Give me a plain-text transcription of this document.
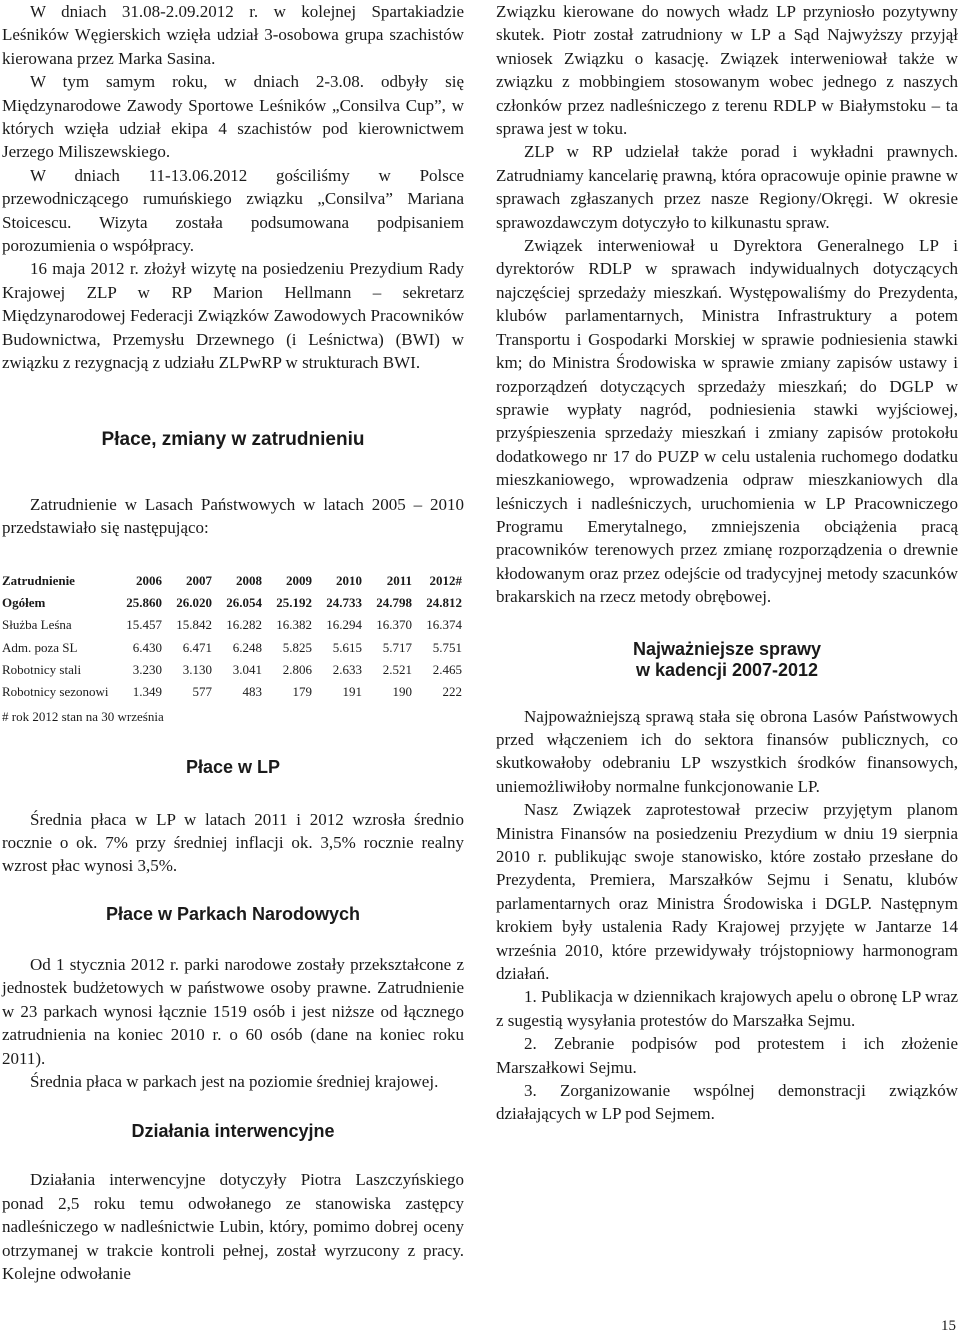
W dniach 31.08-2.09.2012 r. w kolejnej Spartakiadzie Leśników Węgierskich wzięła udział 3-osobowa grupa szachistów kierowana przez Marka Sasina.

W tym samym roku, w dniach 2-3.08. odbyły się Międzynarodowe Zawody Sportowe Leśników „Consilva Cup”, w których wzięła udział ekipa 4 szachistów pod kierownictwem Jerzego Miliszewskiego.

W dniach 11-13.06.2012 gościliśmy w Polsce przewodniczącego rumuńskiego związku „Consilva” Mariana Stoicescu. Wizyta została podsumowana podpisaniem porozumienia o współpracy.

16 maja 2012 r. złożył wizytę na posiedzeniu Prezydium Rady Krajowej ZLP w RP Marion Hellmann – sekretarz Międzynarodowej Federacji Związków Zawodowych Pracowników Budownictwa, Przemysłu Drzewnego (i Leśnictwa) (BWI) w związku z rezygnacją z udziału ZLPwRP w strukturach BWI.

Płace, zmiany w zatrudnieniu

Zatrudnienie w Lasach Państwowych w latach 2005 – 2010 przedstawiało się następująco:

Zatrudnienie	2006	2007	2008	2009	2010	2011	2012#
Ogółem	25.860	26.020	26.054	25.192	24.733	24.798	24.812
Służba Leśna	15.457	15.842	16.282	16.382	16.294	16.370	16.374
Adm. poza SL	6.430	6.471	6.248	5.825	5.615	5.717	5.751
Robotnicy stali	3.230	3.130	3.041	2.806	2.633	2.521	2.465
Robotnicy sezonowi	1.349	577	483	179	191	190	222
# rok 2012 stan na 30 września
Płace w LP

Średnia płaca w LP w latach 2011 i 2012 wzrosła średnio rocznie o ok. 7% przy średniej inflacji ok. 3,5% rocznie realny wzrost płac wynosi 3,5%.

Płace w Parkach Narodowych

Od 1 stycznia 2012 r. parki narodowe zostały przekształcone z jednostek budżetowych w państwowe osoby prawne. Zatrudnienie w 23 parkach wynosi łącznie 1519 osób i jest niższe od łącznego zatrudnienia na koniec 2010 r. o 60 osób (dane na koniec roku 2011).

Średnia płaca w parkach jest na poziomie średniej krajowej.

Działania interwencyjne

Działania interwencyjne dotyczyły Piotra Laszczyńskiego ponad 2,5 roku temu odwołanego ze stanowiska zastępcy nadleśniczego w nadleśnictwie Lubin, który, pomimo dobrej oceny otrzymanej w trakcie kontroli pełnej, został wyrzucony z pracy. Kolejne odwołanie

Związku kierowane do nowych władz LP przyniosło pozytywny skutek. Piotr został zatrudniony w LP a Sąd Najwyższy przyjął wniosek Związku o kasację. Związek interweniował także w związku z mobbingiem stosowanym wobec jednego z naszych członków przez nadleśniczego z terenu RDLP w Białymstoku – ta sprawa jest w toku.

ZLP w RP udzielał także porad i wykładni prawnych. Zatrudniamy kancelarię prawną, która opracowuje opinie prawne w sprawach zgłaszanych przez nasze Regiony/Okręgi. W okresie sprawozdawczym dotyczyło to kilkunastu spraw.

Związek interweniował u Dyrektora Generalnego LP i dyrektorów RDLP w sprawach indywidualnych dotyczących najczęściej sprzedaży mieszkań. Występowaliśmy do Prezydenta, klubów parlamentarnych, Ministra Infrastruktury a potem Transportu i Gospodarki Morskiej w sprawie podniesienia stawki km; do Ministra Środowiska w sprawie zmiany zapisów ustawy i rozporządzeń dotyczących sprzedaży mieszkań; do DGLP w sprawie wypłaty nagród, podniesienia stawki wyjściowej, przyśpieszenia sprzedaży mieszkań i zmiany zapisów protokołu dodatkowego nr 17 do PUZP w celu ustalenia ruchomego dodatku mieszkaniowego, wprowadzenia odpraw mieszkaniowych dla leśniczych i nadleśniczych, uruchomienia w LP Pracowniczego Programu Emerytalnego, zmniejszenia obciążenia pracą pracowników terenowych przez zmianę rozporządzenia o drewnie kłodowanym oraz przez odejście od tradycyjnej metody szacunków brakarskich na rzecz metody obrębowej.

Najważniejsze sprawy
w kadencji 2007-2012

Najpoważniejszą sprawą stała się obrona Lasów Państwowych przed włączeniem ich do sektora finansów publicznych, co skutkowałoby odebraniu LP wszystkich środków finansowych, uniemożliwiłoby normalne funkcjonowanie LP.

Nasz Związek zaprotestował przeciw przyjętym planom Ministra Finansów na posiedzeniu Prezydium w dniu 19 sierpnia 2010 r. publikując swoje stanowisko, które zostało przesłane do Prezydenta, Premiera, Marszałków Sejmu i Senatu, klubów parlamentarnych oraz Ministra Środowiska i DGLP. Następnym krokiem były ustalenia Rady Krajowej przyjęte w Jantarze 14 września 2010, które przewidywały trójstopniowy harmonogram działań.

1. Publikacja w dziennikach krajowych apelu o obronę LP wraz z sugestią wysyłania protestów do Marszałka Sejmu.

2. Zebranie podpisów pod protestem i ich złożenie Marszałkowi Sejmu.

3. Zorganizowanie wspólnej demonstracji związków działających w LP pod Sejmem.

15
